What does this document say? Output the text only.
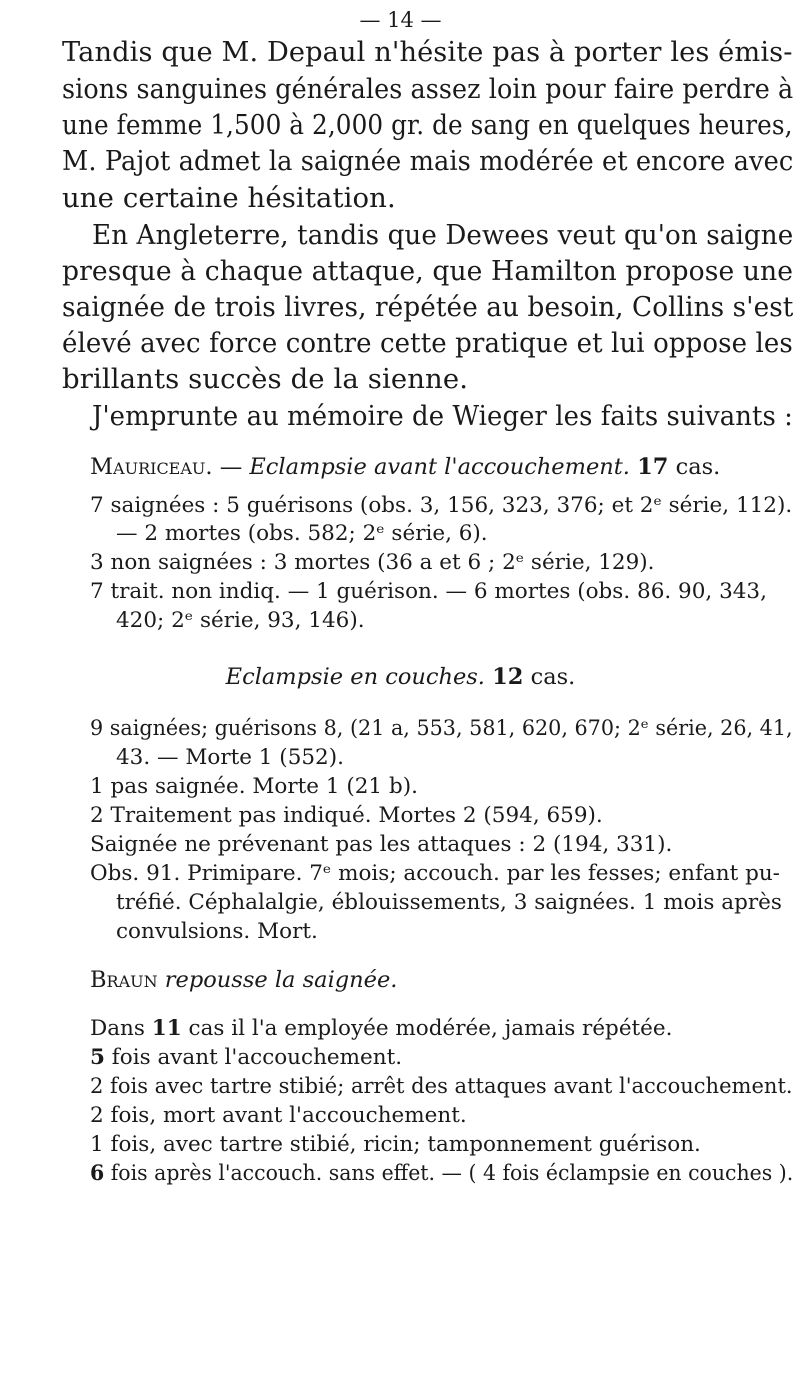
— 14 —
Tandis que M. Depaul n'hésite pas à porter les émis-
sions sanguines générales assez loin pour faire perdre à
une femme 1,500 à 2,000 gr. de sang en quelques heures,
M. Pajot admet la saignée mais modérée et encore avec
une certaine hésitation.
En Angleterre, tandis que Dewees veut qu'on saigne
presque à chaque attaque, que Hamilton propose une
saignée de trois livres, répétée au besoin, Collins s'est
élevé avec force contre cette pratique et lui oppose les
brillants succès de la sienne.
J'emprunte au mémoire de Wieger les faits suivants :
Mauriceau. — Eclampsie avant l'accouchement. 17 cas.
7 saignées : 5 guérisons (obs. 3, 156, 323, 376; et 2ᵉ série, 112).
— 2 mortes (obs. 582; 2ᵉ série, 6).
3 non saignées : 3 mortes (36 a et 6 ; 2ᵉ série, 129).
7 trait. non indiq. — 1 guérison. — 6 mortes (obs. 86. 90, 343,
420; 2ᵉ série, 93, 146).
Eclampsie en couches. 12 cas.
9 saignées; guérisons 8, (21 a, 553, 581, 620, 670; 2ᵉ série, 26, 41,
43. — Morte 1 (552).
1 pas saignée. Morte 1 (21 b).
2 Traitement pas indiqué. Mortes 2 (594, 659).
Saignée ne prévenant pas les attaques : 2 (194, 331).
Obs. 91. Primipare. 7ᵉ mois; accouch. par les fesses; enfant pu-
tréfié. Céphalalgie, éblouissements, 3 saignées. 1 mois après
convulsions. Mort.
Braun repousse la saignée.
Dans 11 cas il l'a employée modérée, jamais répétée.
5 fois avant l'accouchement.
2 fois avec tartre stibié; arrêt des attaques avant l'accouchement.
2 fois, mort avant l'accouchement.
1 fois, avec tartre stibié, ricin; tamponnement guérison.
6 fois après l'accouch. sans effet. — ( 4 fois éclampsie en couches ).
